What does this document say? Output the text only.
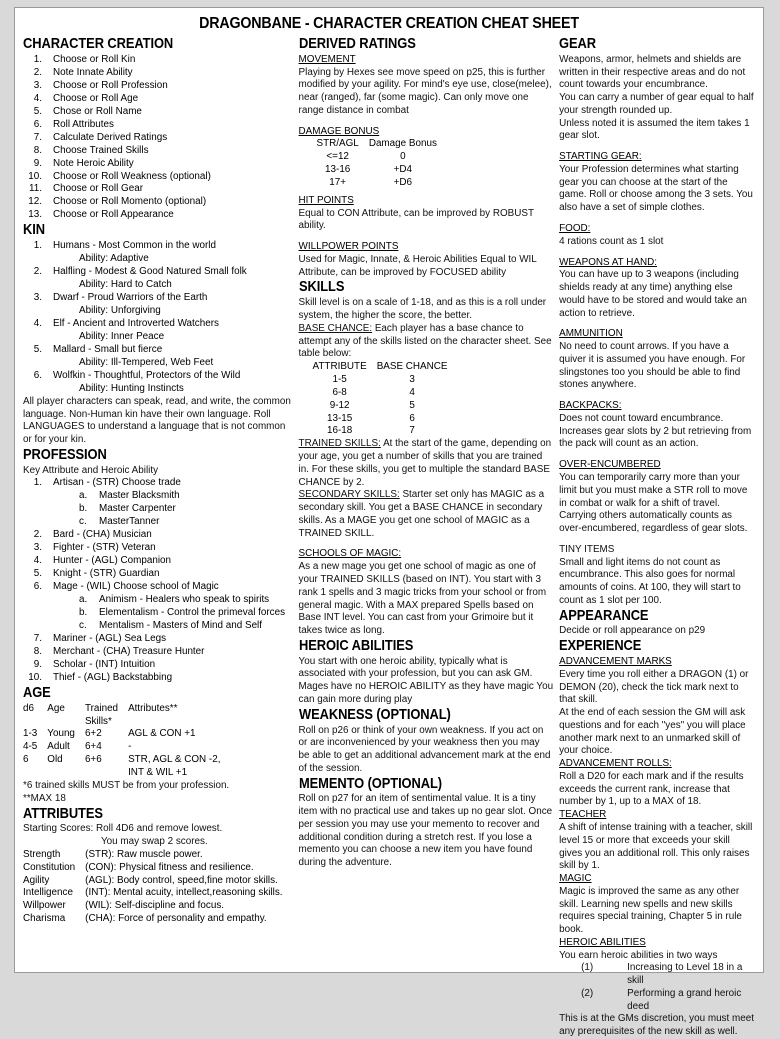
DRAGONBANE - CHARACTER CREATION CHEAT SHEET
CHARACTER CREATION
1.	Choose or Roll Kin
2.	Note Innate Ability
3.	Choose or Roll Profession
4.	Choose or Roll Age
5.	Chose or Roll Name
6.	Roll Attributes
7.	Calculate Derived Ratings
8.	Choose Trained Skills
9.	Note Heroic Ability
10.	Choose or Roll Weakness (optional)
11.	Choose or Roll Gear
12.	Choose or Roll Momento (optional)
13.	Choose or Roll Appearance
KIN
1.	Humans - Most Common in the world
Ability: Adaptive
2.	Halfling - Modest & Good Natured Small folk
Ability: Hard to Catch
3.	Dwarf - Proud Warriors of the Earth
Ability: Unforgiving
4.	Elf - Ancient and Introverted Watchers
Ability: Inner Peace
5.	Mallard - Small but fierce
Ability: Ill-Tempered, Web Feet
6.	Wolfkin - Thoughtful, Protectors of the Wild
Ability: Hunting Instincts

All player characters can speak, read, and write, the common language. Non-Human kin have their own language. Roll LANGUAGES to understand a language that is not common or for your kin.

PROFESSION

Key Attribute and Heroic Ability

1.	Artisan - (STR) Choose trade
a.	Master Blacksmith
b.	Master Carpenter
c.	MasterTanner
2.	Bard - (CHA) Musician
3.	Fighter - (STR) Veteran
4.	Hunter - (AGL) Companion
5.	Knight - (STR) Guardian
6.	Mage - (WIL) Choose school of Magic
a.	Animism - Healers who speak to spirits
b.	Elementalism - Control the primeval forces
c.	Mentalism - Masters of Mind and Self
7.	Mariner - (AGL) Sea Legs
8.	Merchant - (CHA) Treasure Hunter
9.	Scholar - (INT) Intuition
10.	Thief - (AGL) Backstabbing
AGE
d6	Age	Trained	Attributes**
		Skills*	
1-3	Young	6+2	AGL & CON +1
4-5	Adult	6+4	-
6	Old	6+6	STR, AGL & CON -2,
			INT & WIL +1

*6 trained skills MUST be from your profession.

**MAX 18

ATTRIBUTES

Starting Scores: Roll 4D6 and remove lowest.

You may swap 2 scores.

Strength	(STR): Raw muscle power.
Constitution	(CON): Physical fitness and resilience.
Agility	(AGL): Body control, speed,fine motor skills.
Intelligence	(INT): Mental acuity, intellect,reasoning skills.
Willpower	(WIL): Self-discipline and focus.
Charisma	(CHA): Force of personality and empathy.
DERIVED RATINGS
MOVEMENT

Playing by Hexes see move speed on p25, this is further modified by your agility. For mind's eye use, close(melee), near (ranged), far (some magic). Can only move one range distance in combat

DAMAGE BONUS
STR/AGL	Damage Bonus
<=12	0
13-16	+D4
17+	+D6
HIT POINTS

Equal to CON Attribute, can be improved by ROBUST ability.

WILLPOWER POINTS

Used for Magic, Innate, & Heroic Abilities Equal to WIL Attribute, can be improved by FOCUSED ability

SKILLS

Skill level is on a scale of 1-18, and as this is a roll under system, the higher the score, the better.

BASE CHANCE: Each player has a base chance to attempt any of the skills listed on the character sheet. See table below:

ATTRIBUTE	BASE CHANCE
1-5	3
6-8	4
9-12	5
13-15	6
16-18	7

TRAINED SKILLS: At the start of the game, depending on your age, you get a number of skills that you are trained in. For these skills, you get to multiple the standard BASE CHANCE by 2.

SECONDARY SKILLS: Starter set only has MAGIC as a secondary skill. You get a BASE CHANCE in secondary skills. As a MAGE you get one school of MAGIC as a TRAINED SKILL.

SCHOOLS OF MAGIC:

As a new mage you get one school of magic as one of your TRAINED SKILLS (based on INT). You start with 3 rank 1 spells and 3 magic tricks from your school or from general magic. With a MAX prepared Spells based on Base INT level. You can cast from your Grimoire but it takes twice as long.

HEROIC ABILITIES

You start with one heroic ability, typically what is associated with your profession, but you can ask GM. Mages have no HEROIC ABILITY as they have magic You can gain more during play

WEAKNESS (OPTIONAL)

Roll on p26 or think of your own weakness. If you act on or are inconvenienced by your weakness then you may be able to get an additional advancement mark at the end of the session.

MEMENTO (OPTIONAL)

Roll on p27 for an item of sentimental value. It is a tiny item with no practical use and takes up no gear slot. Once per session you may use your memento to recover and additional condition during a stretch rest. If you lose a memento you can choose a new item you have found during the adventure.

GEAR

Weapons, armor, helmets and shields are written in their respective areas and do not count towards your encumbrance.
You can carry a number of gear equal to half your strength rounded up.
Unless noted it is assumed the item takes 1 gear slot.

STARTING GEAR:

Your Profession determines what starting gear you can choose at the start of the game. Roll or choose among the 3 sets. You also have a set of simple clothes.

FOOD:

4 rations count as 1 slot

WEAPONS AT HAND:

You can have up to 3 weapons (including shields ready at any time) anything else would have to be stored and would take an action to retrieve.

AMMUNITION

No need to count arrows. If you have a quiver it is assumed you have enough. For slingstones too you should be able to find stones anywhere.

BACKPACKS:

Does not count toward encumbrance. Increases gear slots by 2 but retrieving from the pack will count as an action.

OVER-ENCUMBERED

You can temporarily carry more than your limit but you must make a STR roll to move in combat or walk for a shift of travel.
Carrying others automatically counts as over-encumbered, regardless of gear slots.

TINY ITEMS

Small and light items do not count as encumbrance. This also goes for normal amounts of coins. At 100, they will start to count as 1 slot per 100.

APPEARANCE

Decide or roll appearance on p29

EXPERIENCE
ADVANCEMENT MARKS

Every time you roll either a DRAGON (1) or DEMON (20), check the tick mark next to that skill.
At the end of each session the GM will ask questions and for each "yes" you will place another mark next to an unmarked skill of your choice.

ADVANCEMENT ROLLS:

Roll a D20 for each mark and if the results exceeds the current rank, increase that number by 1, up to a MAX of 18.

TEACHER

A shift of intense training with a teacher, skill level 15 or more that exceeds your skill gives you an additional roll. This only raises skill by 1.

MAGIC

Magic is improved the same as any other skill. Learning new spells and new skills requires special training, Chapter 5 in rule book.

HEROIC ABILITIES

You earn heroic abilities in two ways

(1)	Increasing to Level 18 in a skill
(2)	Performing a grand heroic deed

This is at the GMs discretion, you must meet any prerequisites of the new skill as well.
